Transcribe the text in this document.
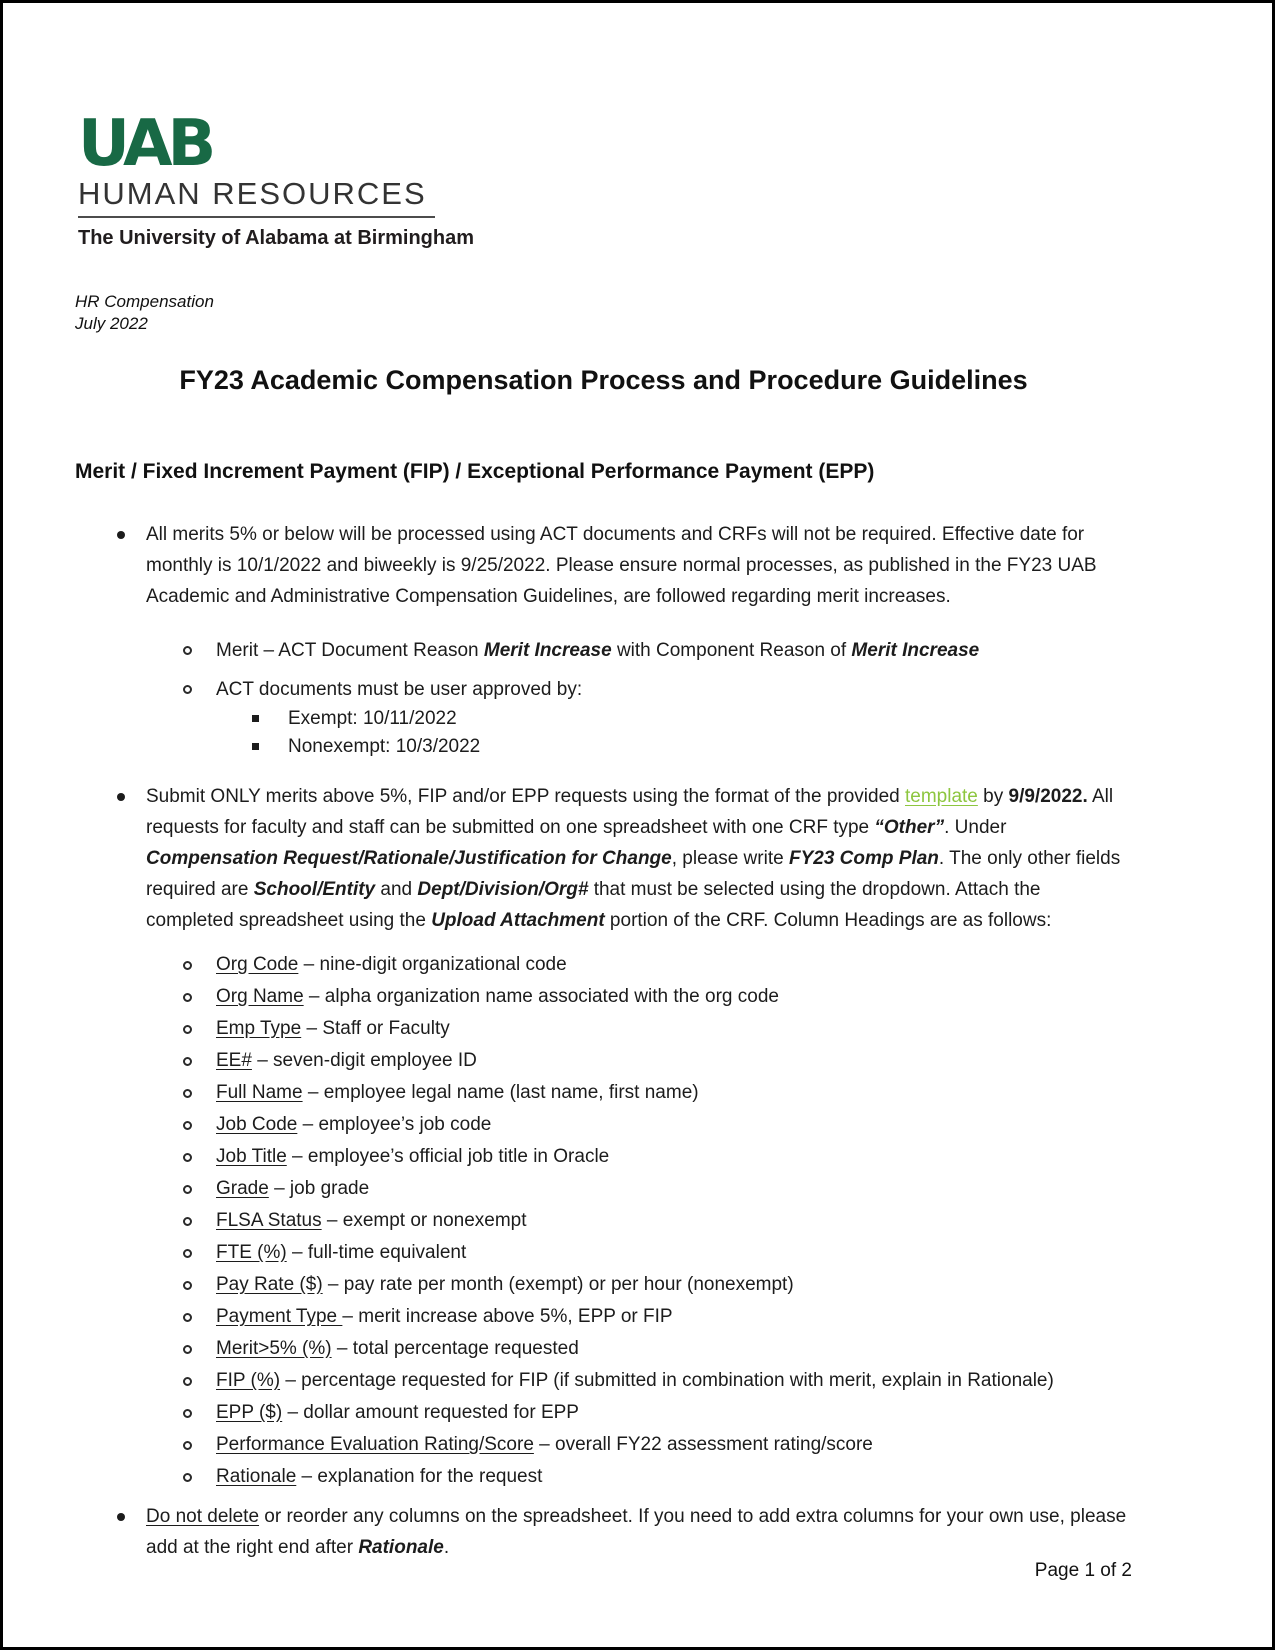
UAB
HUMAN RESOURCES
The University of Alabama at Birmingham
HR Compensation
July 2022
FY23 Academic Compensation Process and Procedure Guidelines
Merit / Fixed Increment Payment (FIP) / Exceptional Performance Payment (EPP)
All merits 5% or below will be processed using ACT documents and CRFs will not be required. Effective date for monthly is 10/1/2022 and biweekly is 9/25/2022. Please ensure normal processes, as published in the FY23 UAB Academic and Administrative Compensation Guidelines, are followed regarding merit increases.
Merit – ACT Document Reason Merit Increase with Component Reason of Merit Increase
ACT documents must be user approved by:
Exempt: 10/11/2022
Nonexempt: 10/3/2022
Submit ONLY merits above 5%, FIP and/or EPP requests using the format of the provided template by 9/9/2022. All requests for faculty and staff can be submitted on one spreadsheet with one CRF type “Other”. Under Compensation Request/Rationale/Justification for Change, please write FY23 Comp Plan. The only other fields required are School/Entity and Dept/Division/Org# that must be selected using the dropdown. Attach the completed spreadsheet using the Upload Attachment portion of the CRF. Column Headings are as follows:
Org Code – nine-digit organizational code
Org Name – alpha organization name associated with the org code
Emp Type – Staff or Faculty
EE# – seven-digit employee ID
Full Name – employee legal name (last name, first name)
Job Code – employee’s job code
Job Title – employee’s official job title in Oracle
Grade – job grade
FLSA Status – exempt or nonexempt
FTE (%) – full-time equivalent
Pay Rate ($) – pay rate per month (exempt) or per hour (nonexempt)
Payment Type – merit increase above 5%, EPP or FIP
Merit>5% (%) – total percentage requested
FIP (%) – percentage requested for FIP (if submitted in combination with merit, explain in Rationale)
EPP ($) – dollar amount requested for EPP
Performance Evaluation Rating/Score – overall FY22 assessment rating/score
Rationale – explanation for the request
Do not delete or reorder any columns on the spreadsheet. If you need to add extra columns for your own use, please add at the right end after Rationale.
Page 1 of 2
